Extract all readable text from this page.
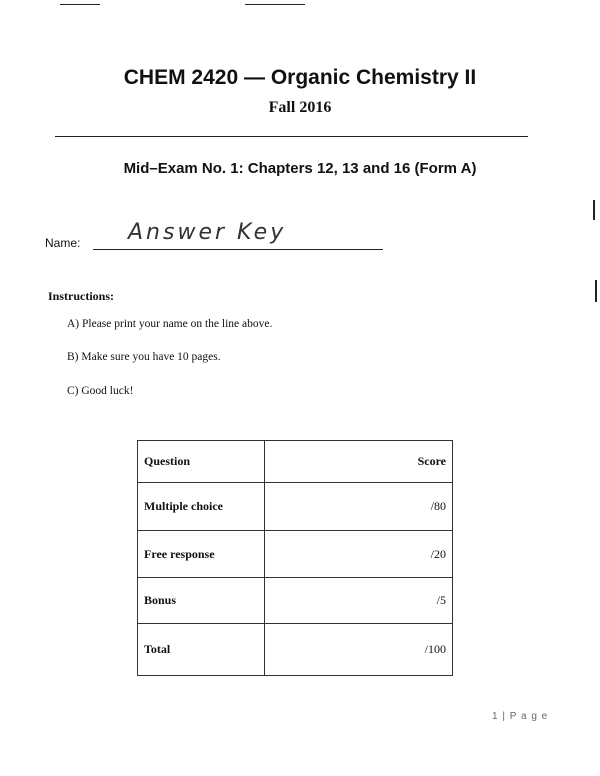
CHEM 2420 — Organic Chemistry II
Fall 2016
Mid–Exam No. 1: Chapters 12, 13 and 16 (Form A)
Name: Answer Key
Instructions:
A) Please print your name on the line above.
B) Make sure you have 10 pages.
C) Good luck!
Question	Score
Multiple choice	/80
Free response	/20
Bonus	/5
Total	/100
1 | P a g e
